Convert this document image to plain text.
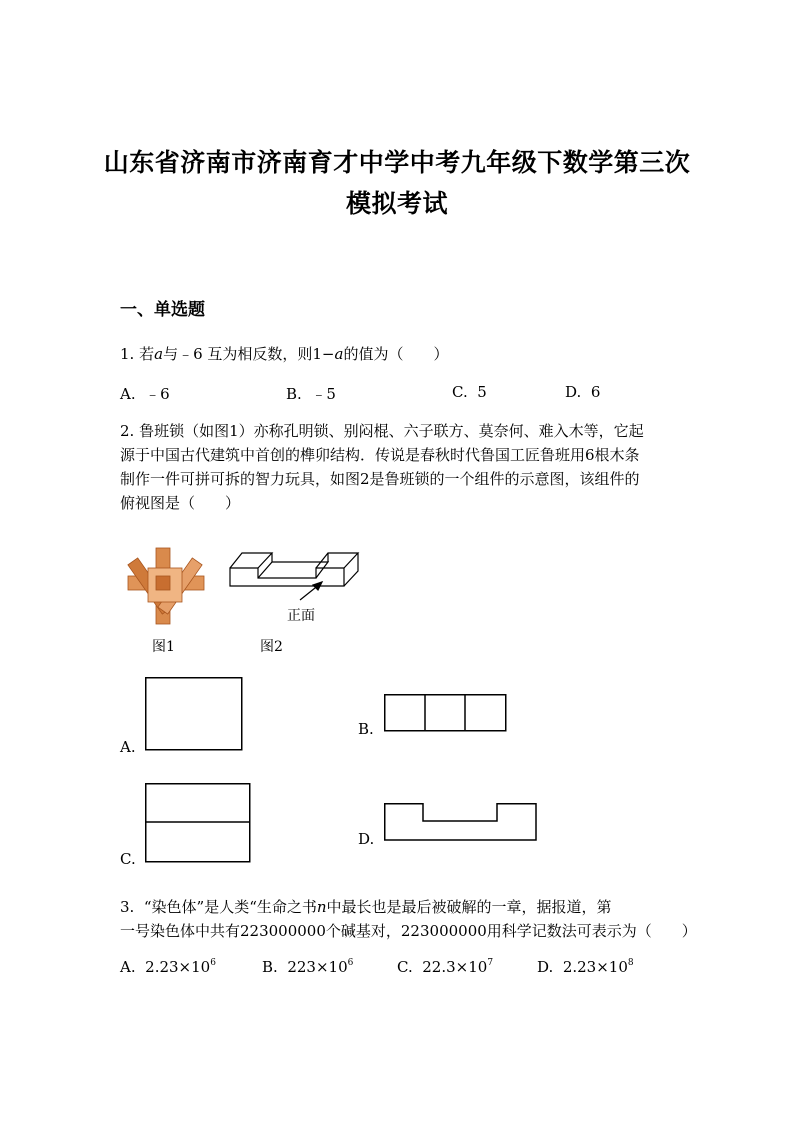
山东省济南市济南育才中学中考九年级下数学第三次
模拟考试
一、单选题
1. 若a与﹣6 互为相反数，则1−a的值为（　　）
A. ﹣6	B. ﹣5	C. 5	D. 6
2. 鲁班锁（如图1）亦称孔明锁、别闷棍、六子联方、莫奈何、难入木等，它起
源于中国古代建筑中首创的榫卯结构．传说是春秋时代鲁国工匠鲁班用6根木条
制作一件可拼可拆的智力玩具，如图2是鲁班锁的一个组件的示意图，该组件的
俯视图是（　　）
图1
正面
图2
A.
B.
C.
D.
3. “染色体”是人类“生命之书n中最长也是最后被破解的一章，据报道，第
一号染色体中共有223000000个碱基对，223000000用科学记数法可表示为（　　）
A. $2.23\times 10^6$	B. $223\times 10^6$	C. $22.3\times 10^7$	D. $2.23\times 10^8$
